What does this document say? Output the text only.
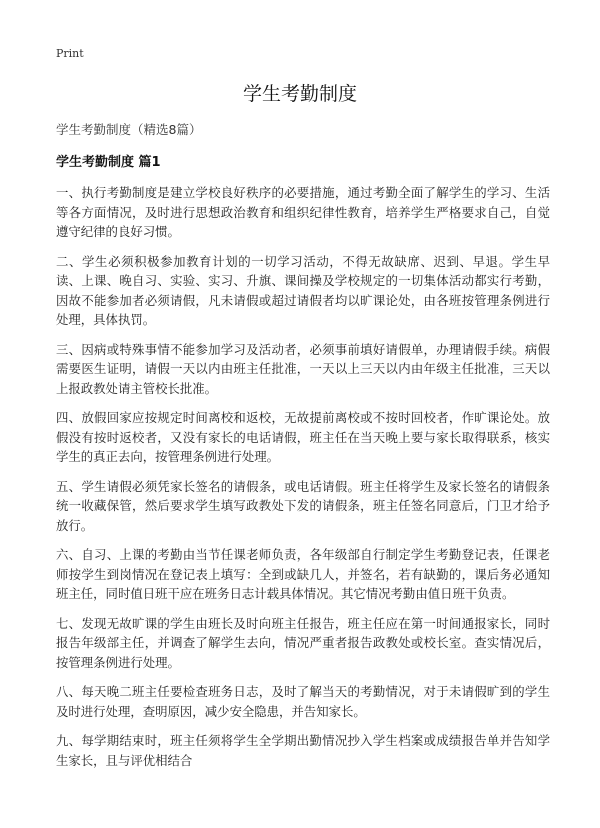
Print
学生考勤制度
学生考勤制度（精选8篇）
学生考勤制度 篇1

一、执行考勤制度是建立学校良好秩序的必要措施，通过考勤全面了解学生的学习、生活等各方面情况，及时进行思想政治教育和组织纪律性教育，培养学生严格要求自己，自觉遵守纪律的良好习惯。

二、学生必须积极参加教育计划的一切学习活动，不得无故缺席、迟到、早退。学生早读、上课、晚自习、实验、实习、升旗、课间操及学校规定的一切集体活动都实行考勤，因故不能参加者必须请假，凡未请假或超过请假者均以旷课论处，由各班按管理条例进行处理，具体执罚。

三、因病或特殊事情不能参加学习及活动者，必须事前填好请假单，办理请假手续。病假需要医生证明，请假一天以内由班主任批准，一天以上三天以内由年级主任批准，三天以上报政教处请主管校长批准。

四、放假回家应按规定时间离校和返校，无故提前离校或不按时回校者，作旷课论处。放假没有按时返校者，又没有家长的电话请假，班主任在当天晚上要与家长取得联系，核实学生的真正去向，按管理条例进行处理。

五、学生请假必须凭家长签名的请假条，或电话请假。班主任将学生及家长签名的请假条统一收藏保管，然后要求学生填写政教处下发的请假条，班主任签名同意后，门卫才给予放行。

六、自习、上课的考勤由当节任课老师负责，各年级部自行制定学生考勤登记表，任课老师按学生到岗情况在登记表上填写：全到或缺几人，并签名，若有缺勤的，课后务必通知班主任，同时值日班干应在班务日志计载具体情况。其它情况考勤由值日班干负责。

七、发现无故旷课的学生由班长及时向班主任报告，班主任应在第一时间通报家长，同时报告年级部主任，并调查了解学生去向，情况严重者报告政教处或校长室。查实情况后，按管理条例进行处理。

八、每天晚二班主任要检查班务日志，及时了解当天的考勤情况，对于未请假旷到的学生及时进行处理，查明原因，减少安全隐患，并告知家长。

九、每学期结束时，班主任须将学生全学期出勤情况抄入学生档案或成绩报告单并告知学生家长，且与评优相结合
